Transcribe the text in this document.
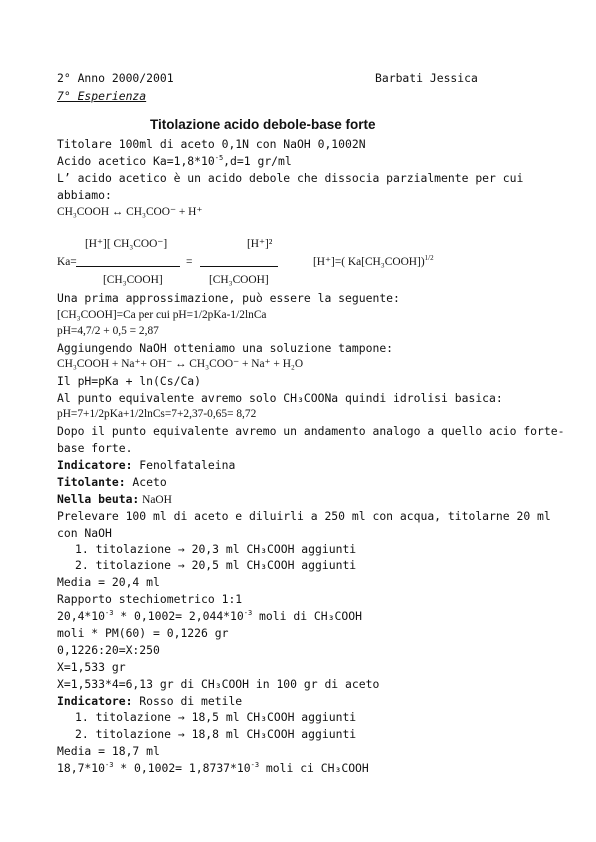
2° Anno 2000/2001	Barbati Jessica
7° Esperienza
Titolazione acido debole-base forte
Titolare 100ml di aceto 0,1N con NaOH 0,1002N
Acido acetico $Ka=1,8*10^{-5},d=1$ gr/ml
L’ acido acetico è un acido debole che dissocia parzialmente per cui
abbiamo:
CH₃COOH ↔ CH₃COO⁻ + H⁺
[H⁺][ CH₃COO⁻]	[H⁺]²
Ka=	=	[H⁺]=( Ka[CH₃COOH])$^{1/2}$
[CH₃COOH]	[CH₃COOH]
Una prima approssimazione, può essere la seguente:
[CH₃COOH]=Ca per cui pH=1/2pKa-1/2lnCa
pH=4,7/2 + 0,5 = 2,87
Aggiungendo NaOH otteniamo una soluzione tampone:
CH₃COOH + Na⁺+ OH⁻ ↔ CH₃COO⁻ + Na⁺ + H₂O
Il pH=pKa + ln(Cs/Ca)
Al punto equivalente avremo solo CH₃COONa quindi idrolisi basica:
pH=7+1/2pKa+1/2lnCs=7+2,37-0,65= 8,72
Dopo il punto equivalente avremo un andamento analogo a quello acio forte-
base forte.
Indicatore: Fenolfataleina
Titolante: Aceto
Nella beuta: NaOH
Prelevare 100 ml di aceto e diluirli a 250 ml con acqua, titolarne 20 ml
con NaOH
1. titolazione → 20,3 ml CH₃COOH aggiunti
2. titolazione → 20,5 ml CH₃COOH aggiunti
Media = 20,4 ml
Rapporto stechiometrico 1:1
$20,4*10^{-3} * 0,1002= 2,044*10^{-3}$ moli di CH₃COOH
moli * PM(60) = 0,1226 gr
0,1226:20=X:250
X=1,533 gr
X=1,533*4=6,13 gr di CH₃COOH in 100 gr di aceto
Indicatore: Rosso di metile
1. titolazione → 18,5 ml CH₃COOH aggiunti
2. titolazione → 18,8 ml CH₃COOH aggiunti
Media = 18,7 ml
$18,7*10^{-3} * 0,1002= 1,8737*10^{-3}$ moli ci CH₃COOH
